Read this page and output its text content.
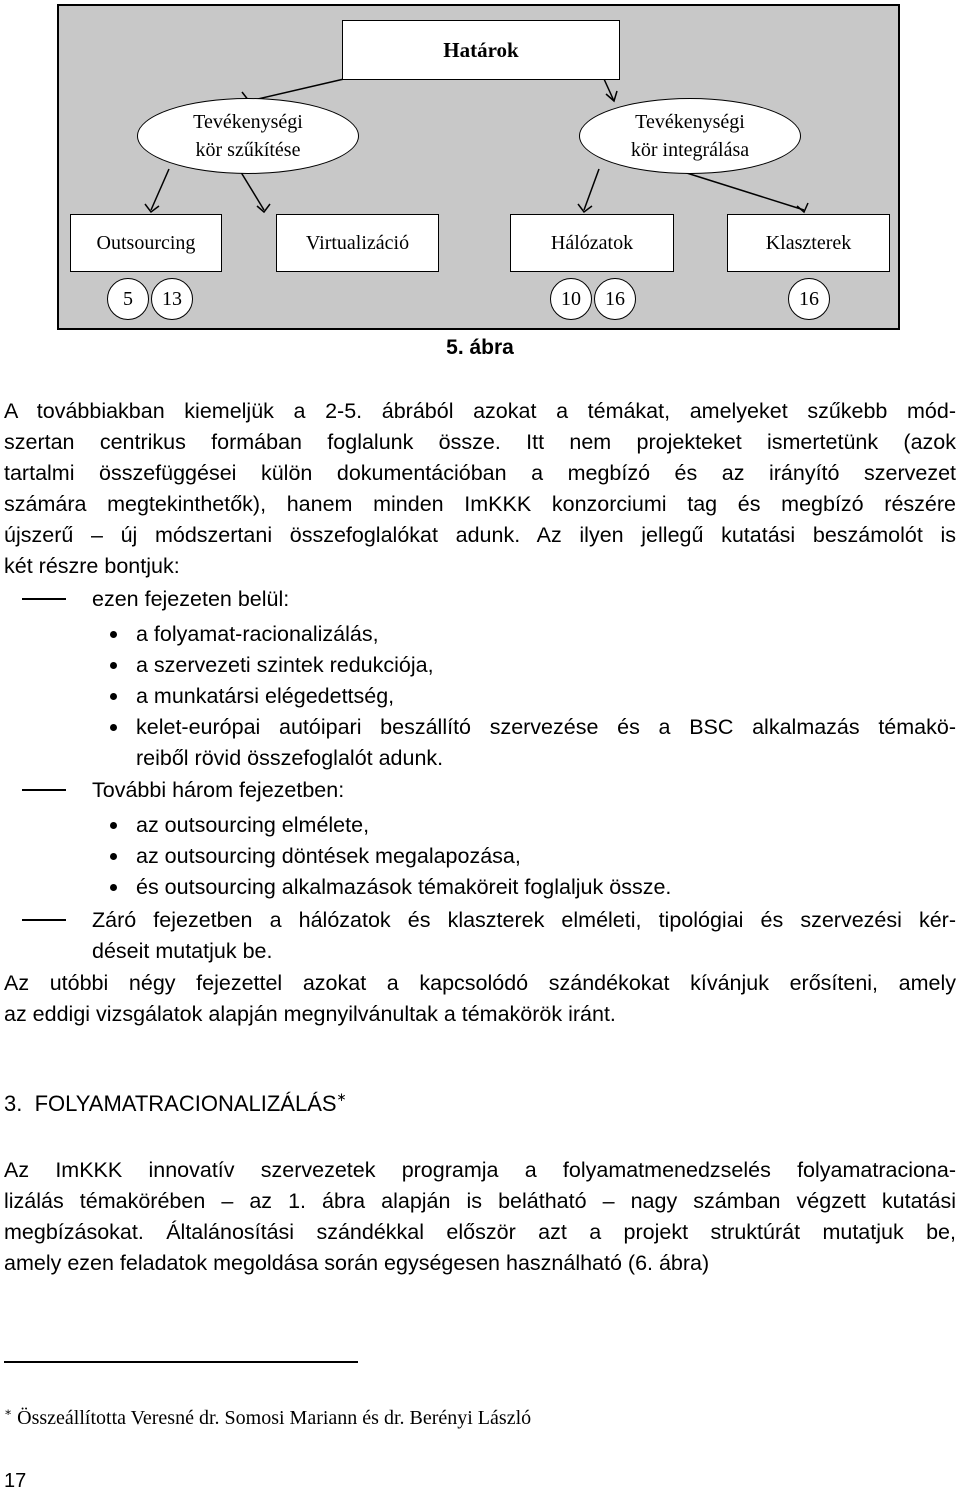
Határok
Tevékenységi
kör szűkítése
Tevékenységi
kör integrálása
Outsourcing	Virtualizáció	Hálózatok	Klaszterek
5 13	10 16	16
5. ábra
A továbbiakban kiemeljük a 2-5. ábrából azokat a témákat, amelyeket szűkebb mód-
szertan centrikus formában foglalunk össze. Itt nem projekteket ismertetünk (azok
tartalmi összefüggései külön dokumentációban a megbízó és az irányító szervezet
számára megtekinthetők), hanem minden ImKKK konzorciumi tag és megbízó részére
újszerű – új módszertani összefoglalókat adunk. Az ilyen jellegű kutatási beszámolót is
két részre bontjuk:
ezen fejezeten belül:
a folyamat-racionalizálás,
a szervezeti szintek redukciója,
a munkatársi elégedettség,
kelet-európai autóipari beszállító szervezése és a BSC alkalmazás témakö-
reiből rövid összefoglalót adunk.
További három fejezetben:
az outsourcing elmélete,
az outsourcing döntések megalapozása,
és outsourcing alkalmazások témaköreit foglaljuk össze.
Záró fejezetben a hálózatok és klaszterek elméleti, tipológiai és szervezési kér-
déseit mutatjuk be.
Az utóbbi négy fejezettel azokat a kapcsolódó szándékokat kívánjuk erősíteni, amely
az eddigi vizsgálatok alapján megnyilvánultak a témakörök iránt.
3. FOLYAMATRACIONALIZÁLÁS∗
Az ImKKK innovatív szervezetek programja a folyamatmenedzselés folyamatraciona-
lizálás témakörében – az 1. ábra alapján is belátható – nagy számban végzett kutatási
megbízásokat. Általánosítási szándékkal először azt a projekt struktúrát mutatjuk be,
amely ezen feladatok megoldása során egységesen használható (6. ábra)
∗ Összeállította Veresné dr. Somosi Mariann és dr. Berényi László
17
